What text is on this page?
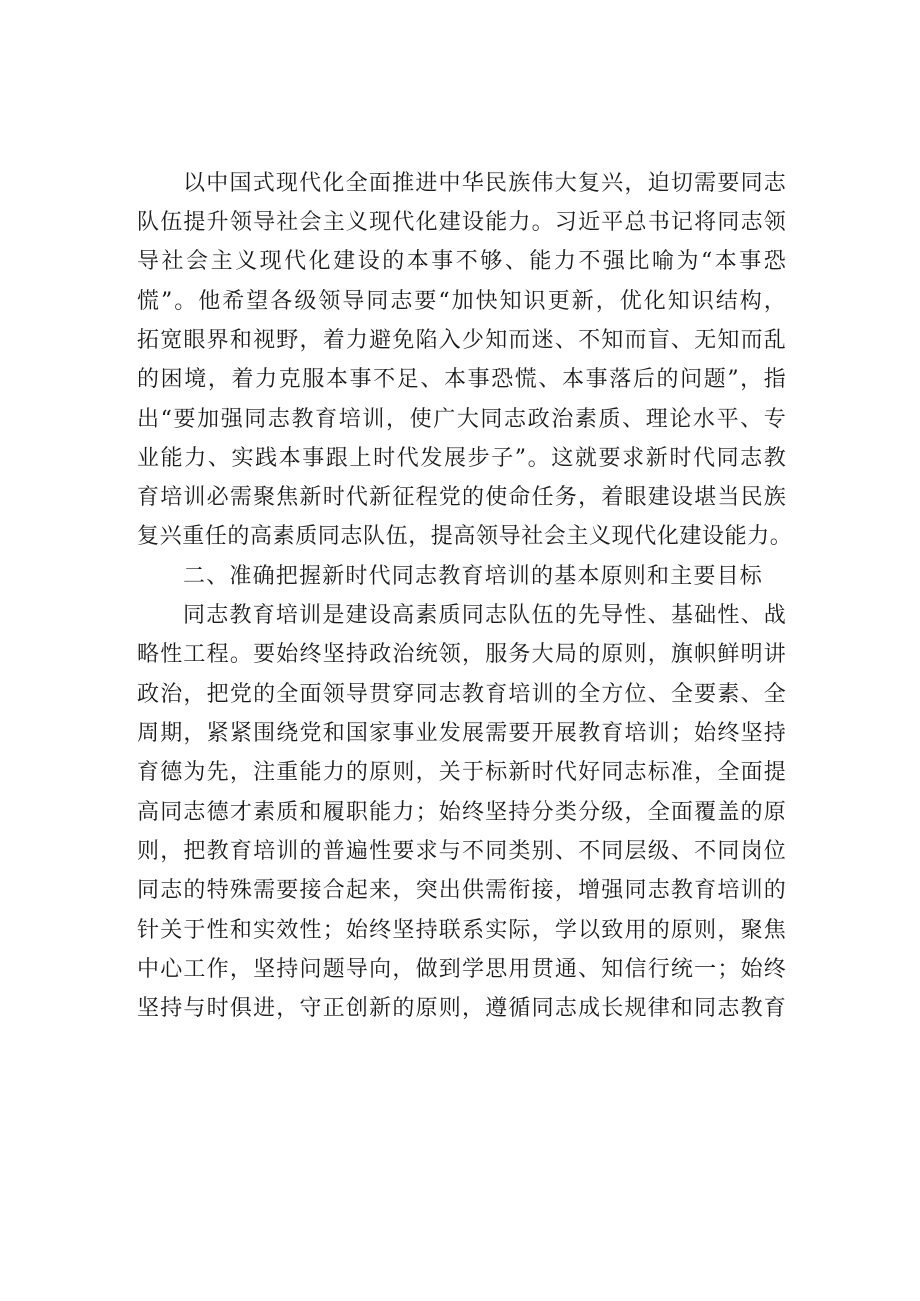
以中国式现代化全面推进中华民族伟大复兴，迫切需要同志
队伍提升领导社会主义现代化建设能力。习近平总书记将同志领
导社会主义现代化建设的本事不够、能力不强比喻为“本事恐
慌”。他希望各级领导同志要“加快知识更新，优化知识结构，
拓宽眼界和视野，着力避免陷入少知而迷、不知而盲、无知而乱
的困境，着力克服本事不足、本事恐慌、本事落后的问题”，指
出“要加强同志教育培训，使广大同志政治素质、理论水平、专
业能力、实践本事跟上时代发展步子”。这就要求新时代同志教
育培训必需聚焦新时代新征程党的使命任务，着眼建设堪当民族
复兴重任的高素质同志队伍，提高领导社会主义现代化建设能力。
二、准确把握新时代同志教育培训的基本原则和主要目标
同志教育培训是建设高素质同志队伍的先导性、基础性、战
略性工程。要始终坚持政治统领，服务大局的原则，旗帜鲜明讲
政治，把党的全面领导贯穿同志教育培训的全方位、全要素、全
周期，紧紧围绕党和国家事业发展需要开展教育培训；始终坚持
育德为先，注重能力的原则，关于标新时代好同志标准，全面提
高同志德才素质和履职能力；始终坚持分类分级，全面覆盖的原
则，把教育培训的普遍性要求与不同类别、不同层级、不同岗位
同志的特殊需要接合起来，突出供需衔接，增强同志教育培训的
针关于性和实效性；始终坚持联系实际，学以致用的原则，聚焦
中心工作，坚持问题导向，做到学思用贯通、知信行统一；始终
坚持与时俱进，守正创新的原则，遵循同志成长规律和同志教育
